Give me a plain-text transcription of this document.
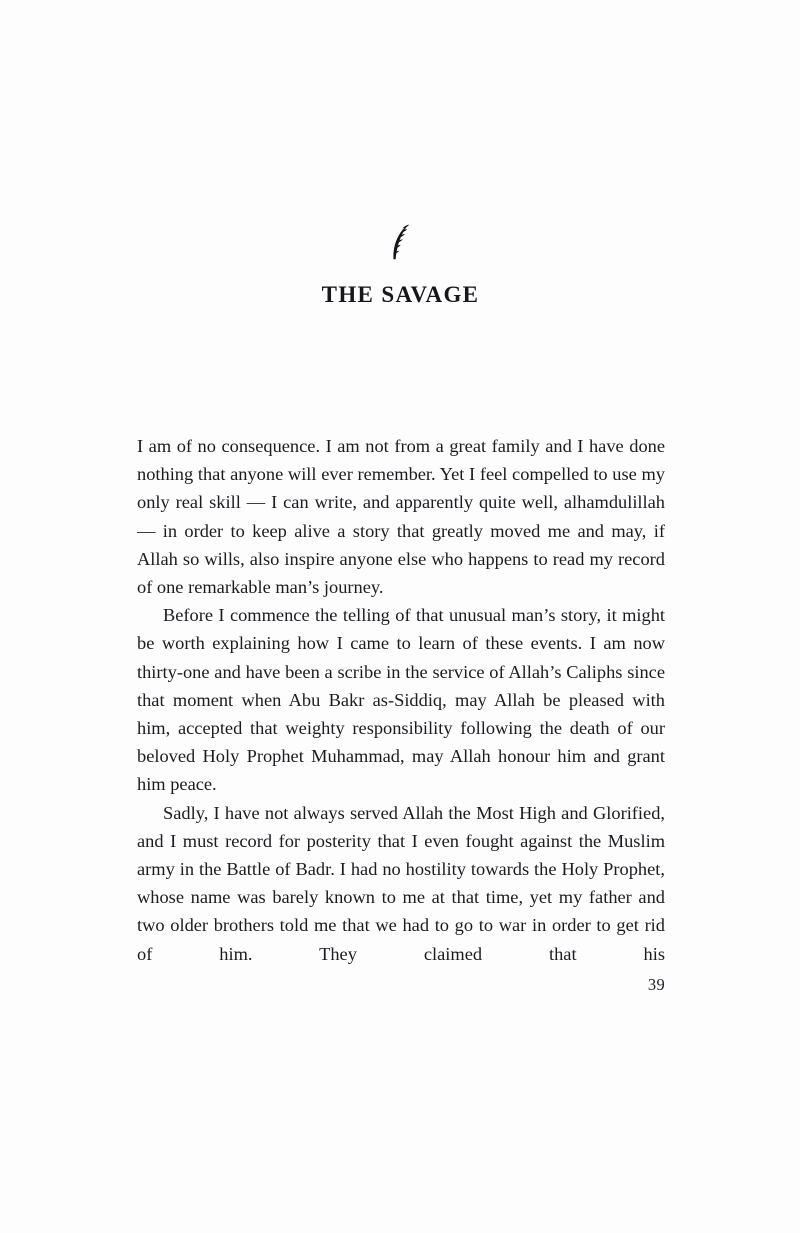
THE SAVAGE

I am of no consequence. I am not from a great family and I have done nothing that anyone will ever remember. Yet I feel compelled to use my only real skill — I can write, and apparently quite well, alhamdulillah — in order to keep alive a story that greatly moved me and may, if Allah so wills, also inspire anyone else who happens to read my record of one remarkable man’s journey.

Before I commence the telling of that unusual man’s story, it might be worth explaining how I came to learn of these events. I am now thirty-one and have been a scribe in the service of Allah’s Caliphs since that moment when Abu Bakr as-Siddiq, may Allah be pleased with him, accepted that weighty responsibility following the death of our beloved Holy Prophet Muhammad, may Allah honour him and grant him peace.

Sadly, I have not always served Allah the Most High and Glorified, and I must record for posterity that I even fought against the Muslim army in the Battle of Badr. I had no hostility towards the Holy Prophet, whose name was barely known to me at that time, yet my father and two older brothers told me that we had to go to war in order to get rid of him. They claimed that his

39
